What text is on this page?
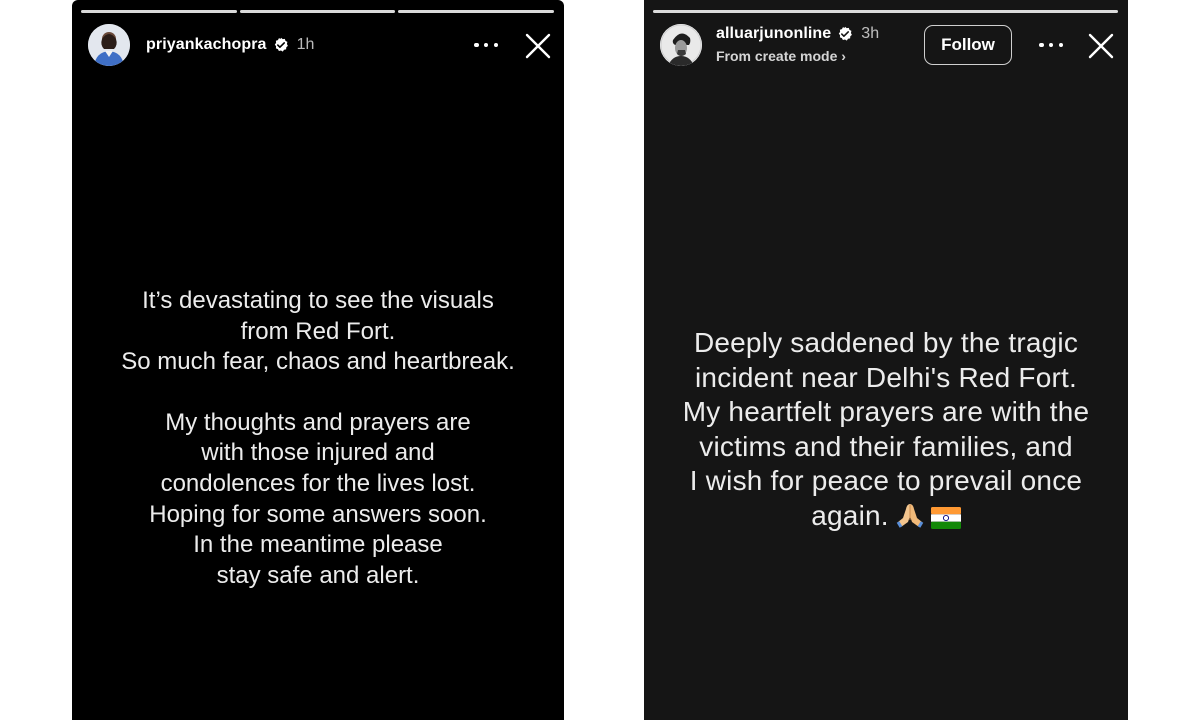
priyankachopra 1h
It’s devastating to see the visuals
from Red Fort.
So much fear, chaos and heartbreak.
My thoughts and prayers are
with those injured and
condolences for the lives lost.
Hoping for some answers soon.
In the meantime please
stay safe and alert.
alluarjunonline 3h
From create mode ›
Follow
Deeply saddened by the tragic
incident near Delhi's Red Fort.
My heartfelt prayers are with the
victims and their families, and
I wish for peace to prevail once
again.
